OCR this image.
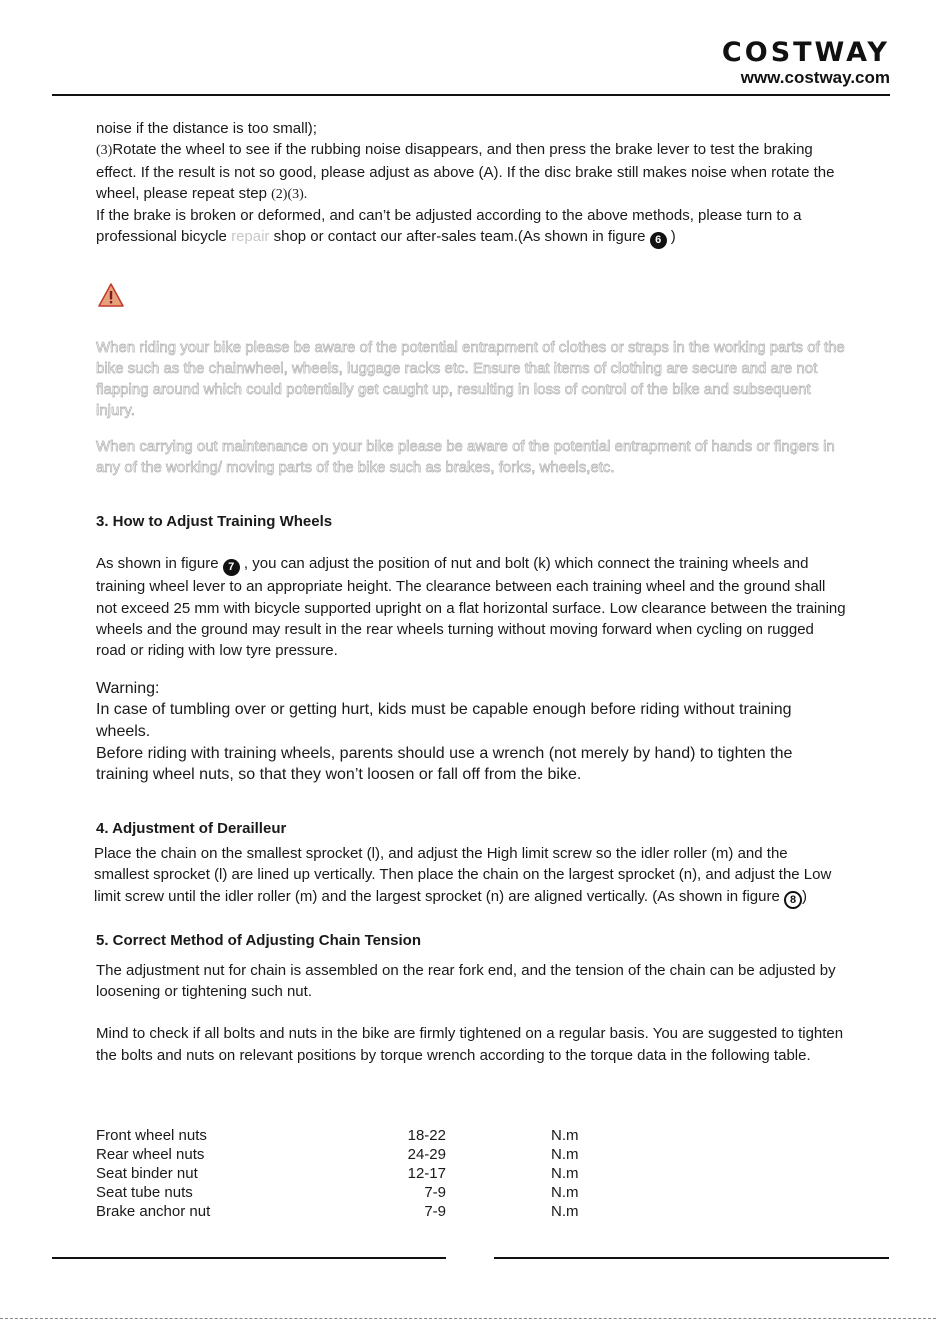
COSTWAY
www.costway.com

noise if the distance is too small);

(3)Rotate the wheel to see if the rubbing noise disappears, and then press the brake lever to test the braking effect. If the result is not so good, please adjust as above (A). If the disc brake still makes noise when rotate the wheel, please repeat step (2)(3).

If the brake is broken or deformed, and can’t be adjusted according to the above methods, please turn to a professional bicycle repair shop or contact our after-sales team.(As shown in figure 6 )

When riding your bike please be aware of the potential entrapment of clothes or straps in the working parts of the bike such as the chainwheel, wheels, luggage racks etc. Ensure that items of clothing are secure and are not flapping around which could potentially get caught up, resulting in loss of control of the bike and subsequent injury.

When carrying out maintenance on your bike please be aware of the potential entrapment of hands or fingers in any of the working/ moving parts of the bike such as brakes, forks, wheels,etc.

3. How to Adjust Training Wheels

As shown in figure 7 , you can adjust the position of nut and bolt (k) which connect the training wheels and training wheel lever to an appropriate height. The clearance between each training wheel and the ground shall not exceed 25 mm with bicycle supported upright on a flat horizontal surface. Low clearance between the training wheels and the ground may result in the rear wheels turning without moving forward when cycling on rugged road or riding with low tyre pressure.

Warning:

In case of tumbling over or getting hurt, kids must be capable enough before riding without training wheels.

Before riding with training wheels, parents should use a wrench (not merely by hand) to tighten the training wheel nuts, so that they won’t loosen or fall off from the bike.

4. Adjustment of Derailleur

Place the chain on the smallest sprocket (l), and adjust the High limit screw so the idler roller (m) and the smallest sprocket (l) are lined up vertically. Then place the chain on the largest sprocket (n), and adjust the Low limit screw until the idler roller (m) and the largest sprocket (n) are aligned vertically. (As shown in figure 8 )

5. Correct Method of Adjusting Chain Tension

The adjustment nut for chain is assembled on the rear fork end, and the tension of the chain can be adjusted by loosening or tightening such nut.

Mind to check if all bolts and nuts in the bike are firmly tightened on a regular basis. You are suggested to tighten the bolts and nuts on relevant positions by torque wrench according to the torque data in the following table.

Front wheel nuts	18-22	N.m
Rear wheel nuts	24-29	N.m
Seat binder nut	12-17	N.m
Seat tube nuts	7-9	N.m
Brake anchor nut	7-9	N.m
